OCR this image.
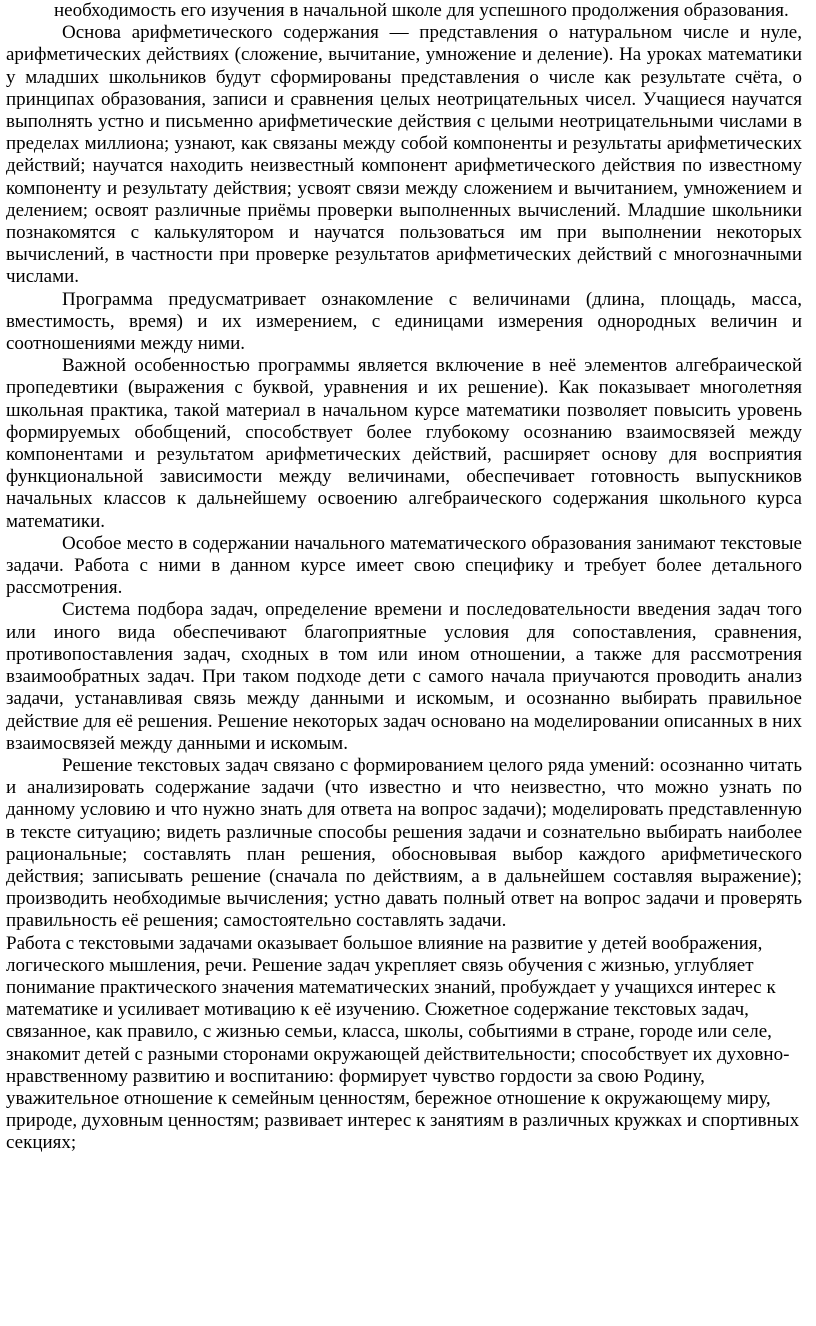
необходимость его изучения в начальной школе для успешного продолжения образования.

Основа арифметического содержания — представления о натуральном числе и нуле, арифметических действиях (сложение, вычитание, умножение и деление). На уроках математики у младших школьников будут сформированы представления о числе как результате счёта, о принципах образования, записи и сравнения целых неотрицательных чисел. Учащиеся научатся выполнять устно и письменно арифметические действия с целыми неотрицательными числами в пределах миллиона; узнают, как связаны между собой компоненты и результаты арифметических действий; научатся находить неизвестный компонент арифметического действия по известному компоненту и результату действия; усвоят связи между сложением и вычитанием, умножением и делением; освоят различные приёмы проверки выполненных вычислений. Младшие школьники познакомятся с калькулятором и научатся пользоваться им при выполнении некоторых вычислений, в частности при проверке результатов арифметических действий с многозначными числами.

Программа предусматривает ознакомление с величинами (длина, площадь, масса, вместимость, время) и их измерением, с единицами измерения однородных величин и соотношениями между ними.

Важной особенностью программы является включение в неё элементов алгебраической пропедевтики (выражения с буквой, уравнения и их решение). Как показывает многолетняя школьная практика, такой материал в начальном курсе математики позволяет повысить уровень формируемых обобщений, способствует более глубокому осознанию взаимосвязей между компонентами и результатом арифметических действий, расширяет основу для восприятия функциональной зависимости между величинами, обеспечивает готовность выпускников начальных классов к дальнейшему освоению алгебраического содержания школьного курса математики.

Особое место в содержании начального математического образования занимают текстовые задачи. Работа с ними в данном курсе имеет свою специфику и требует более детального рассмотрения.

Система подбора задач, определение времени и последовательности введения задач того или иного вида обеспечивают благоприятные условия для сопоставления, сравнения, противопоставления задач, сходных в том или ином отношении, а также для рассмотрения взаимообратных задач. При таком подходе дети с самого начала приучаются проводить анализ задачи, устанавливая связь между данными и искомым, и осознанно выбирать правильное действие для её решения. Решение некоторых задач основано на моделировании описанных в них взаимосвязей между данными и искомым.

Решение текстовых задач связано с формированием целого ряда умений: осознанно читать и анализировать содержание задачи (что известно и что неизвестно, что можно узнать по данному условию и что нужно знать для ответа на вопрос задачи); моделировать представленную в тексте ситуацию; видеть различные способы решения задачи и сознательно выбирать наиболее рациональные; составлять план решения, обосновывая выбор каждого арифметического действия; записывать решение (сначала по действиям, а в дальнейшем составляя выражение); производить необходимые вычисления; устно давать полный ответ на вопрос задачи и проверять правильность её решения; самостоятельно составлять задачи.

Работа с текстовыми задачами оказывает большое влияние на развитие у детей воображения, логического мышления, речи. Решение задач укрепляет связь обучения с жизнью, углубляет понимание практического значения математических знаний, пробуждает у учащихся интерес к математике и усиливает мотивацию к её изучению. Сюжетное содержание текстовых задач, связанное, как правило, с жизнью семьи, класса, школы, событиями в стране, городе или селе, знакомит детей с разными сторонами окружающей действительности; способствует их духовно-нравственному развитию и воспитанию: формирует чувство гордости за свою Родину, уважительное отношение к семейным ценностям, бережное отношение к окружающему миру, природе, духовным ценностям; развивает интерес к занятиям в различных кружках и спортивных секциях;
